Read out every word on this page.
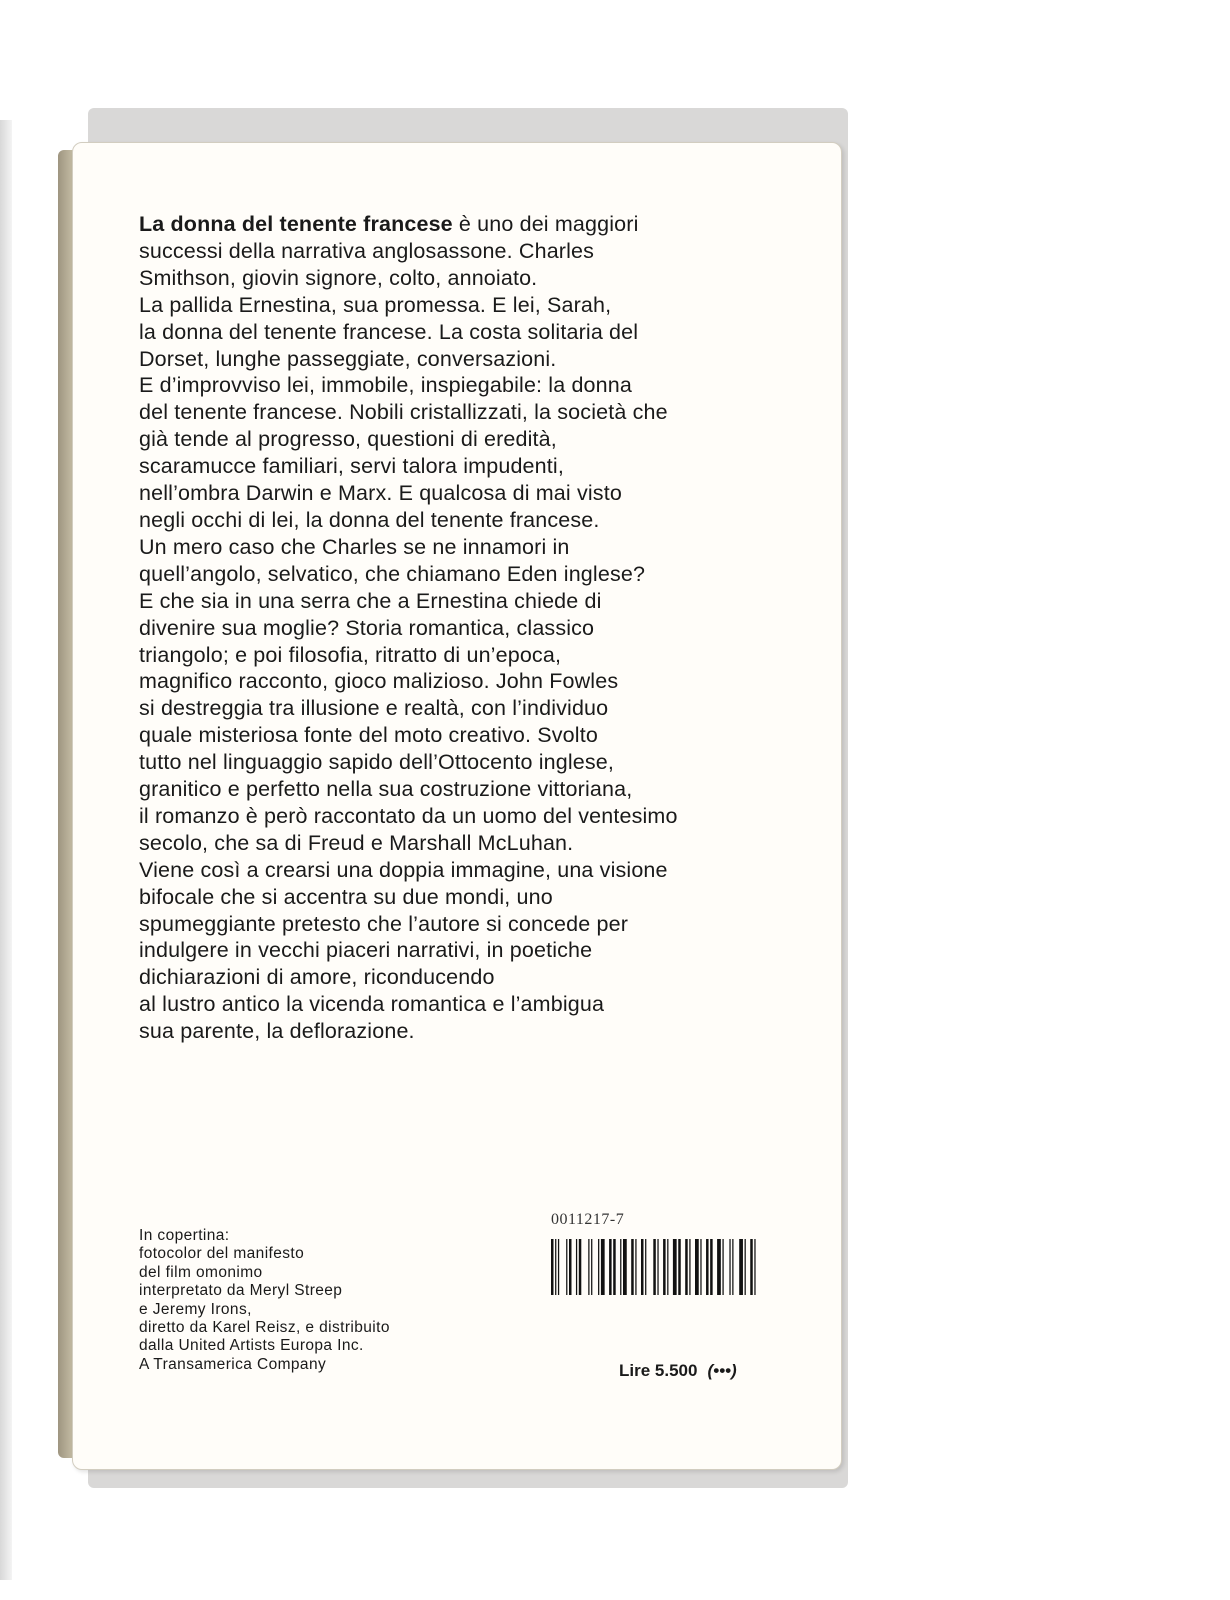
La donna del tenente francese è uno dei maggiori
successi della narrativa anglosassone. Charles
Smithson, giovin signore, colto, annoiato.
La pallida Ernestina, sua promessa. E lei, Sarah,
la donna del tenente francese. La costa solitaria del
Dorset, lunghe passeggiate, conversazioni.
E d’improvviso lei, immobile, inspiegabile: la donna
del tenente francese. Nobili cristallizzati, la società che
già tende al progresso, questioni di eredità,
scaramucce familiari, servi talora impudenti,
nell’ombra Darwin e Marx. E qualcosa di mai visto
negli occhi di lei, la donna del tenente francese.
Un mero caso che Charles se ne innamori in
quell’angolo, selvatico, che chiamano Eden inglese?
E che sia in una serra che a Ernestina chiede di
divenire sua moglie? Storia romantica, classico
triangolo; e poi filosofia, ritratto di un’epoca,
magnifico racconto, gioco malizioso. John Fowles
si destreggia tra illusione e realtà, con l’individuo
quale misteriosa fonte del moto creativo. Svolto
tutto nel linguaggio sapido dell’Ottocento inglese,
granitico e perfetto nella sua costruzione vittoriana,
il romanzo è però raccontato da un uomo del ventesimo
secolo, che sa di Freud e Marshall McLuhan.
Viene così a crearsi una doppia immagine, una visione
bifocale che si accentra su due mondi, uno
spumeggiante pretesto che l’autore si concede per
indulgere in vecchi piaceri narrativi, in poetiche
dichiarazioni di amore, riconducendo
al lustro antico la vicenda romantica e l’ambigua
sua parente, la deflorazione.

In copertina:
fotocolor del manifesto
del film omonimo
interpretato da Meryl Streep
e Jeremy Irons,
diretto da Karel Reisz, e distribuito
dalla United Artists Europa Inc.
A Transamerica Company
0011217-7
Lire 5.500 (•••)
